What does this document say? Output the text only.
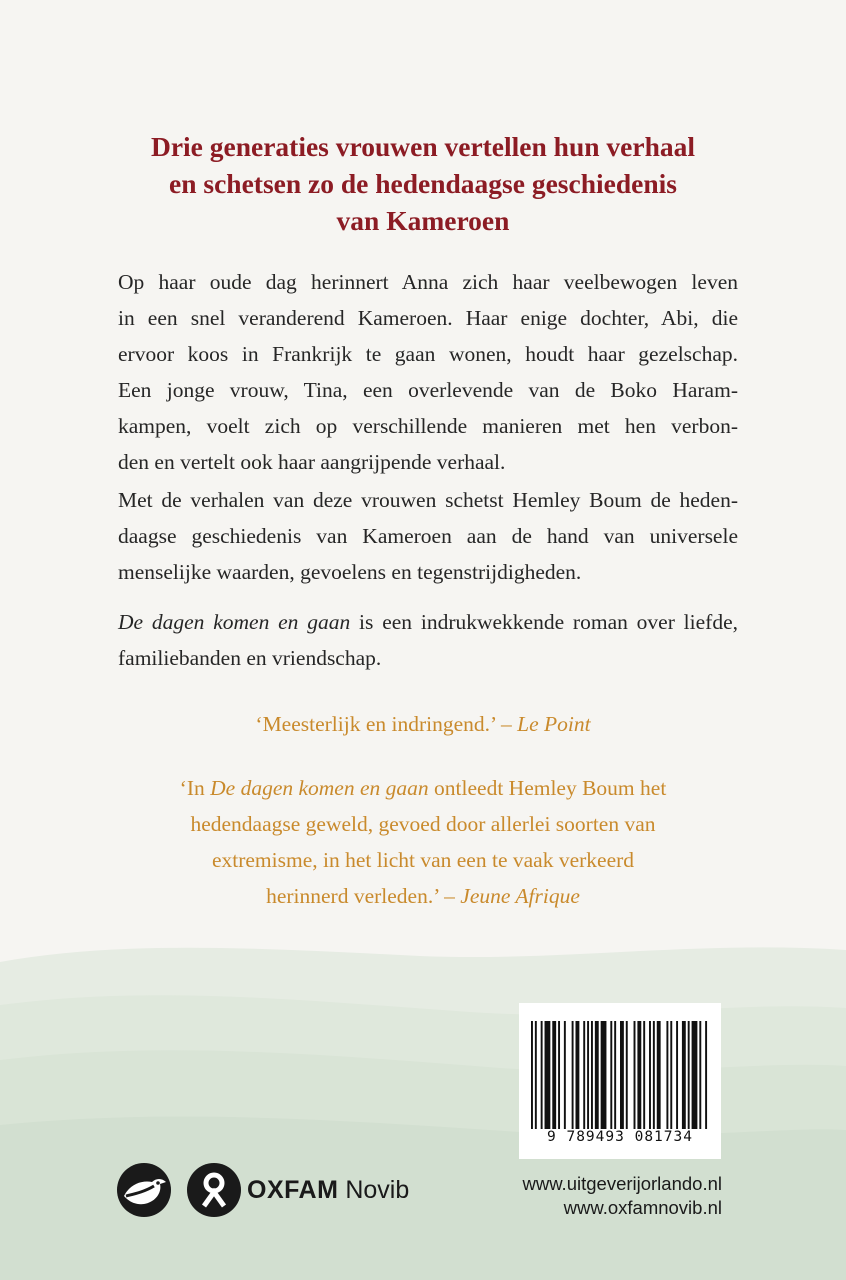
Drie generaties vrouwen vertellen hun verhaal
en schetsen zo de hedendaagse geschiedenis
van Kameroen
Op haar oude dag herinnert Anna zich haar veelbewogen leven
in een snel veranderend Kameroen. Haar enige dochter, Abi, die
ervoor koos in Frankrijk te gaan wonen, houdt haar gezelschap.
Een jonge vrouw, Tina, een overlevende van de Boko Haram-
kampen, voelt zich op verschillende manieren met hen verbon-
den en vertelt ook haar aangrijpende verhaal.
Met de verhalen van deze vrouwen schetst Hemley Boum de heden-
daagse geschiedenis van Kameroen aan de hand van universele
menselijke waarden, gevoelens en tegenstrijdigheden.
De dagen komen en gaan is een indrukwekkende roman over liefde,
familiebanden en vriendschap.
‘Meesterlijk en indringend.’ – Le Point
‘In De dagen komen en gaan ontleedt Hemley Boum het
hedendaagse geweld, gevoed door allerlei soorten van
extremisme, in het licht van een te vaak verkeerd
herinnerd verleden.’ – Jeune Afrique
9 789493 081734
OXFAM Novib	www.uitgeverijorlando.nl
www.oxfamnovib.nl
